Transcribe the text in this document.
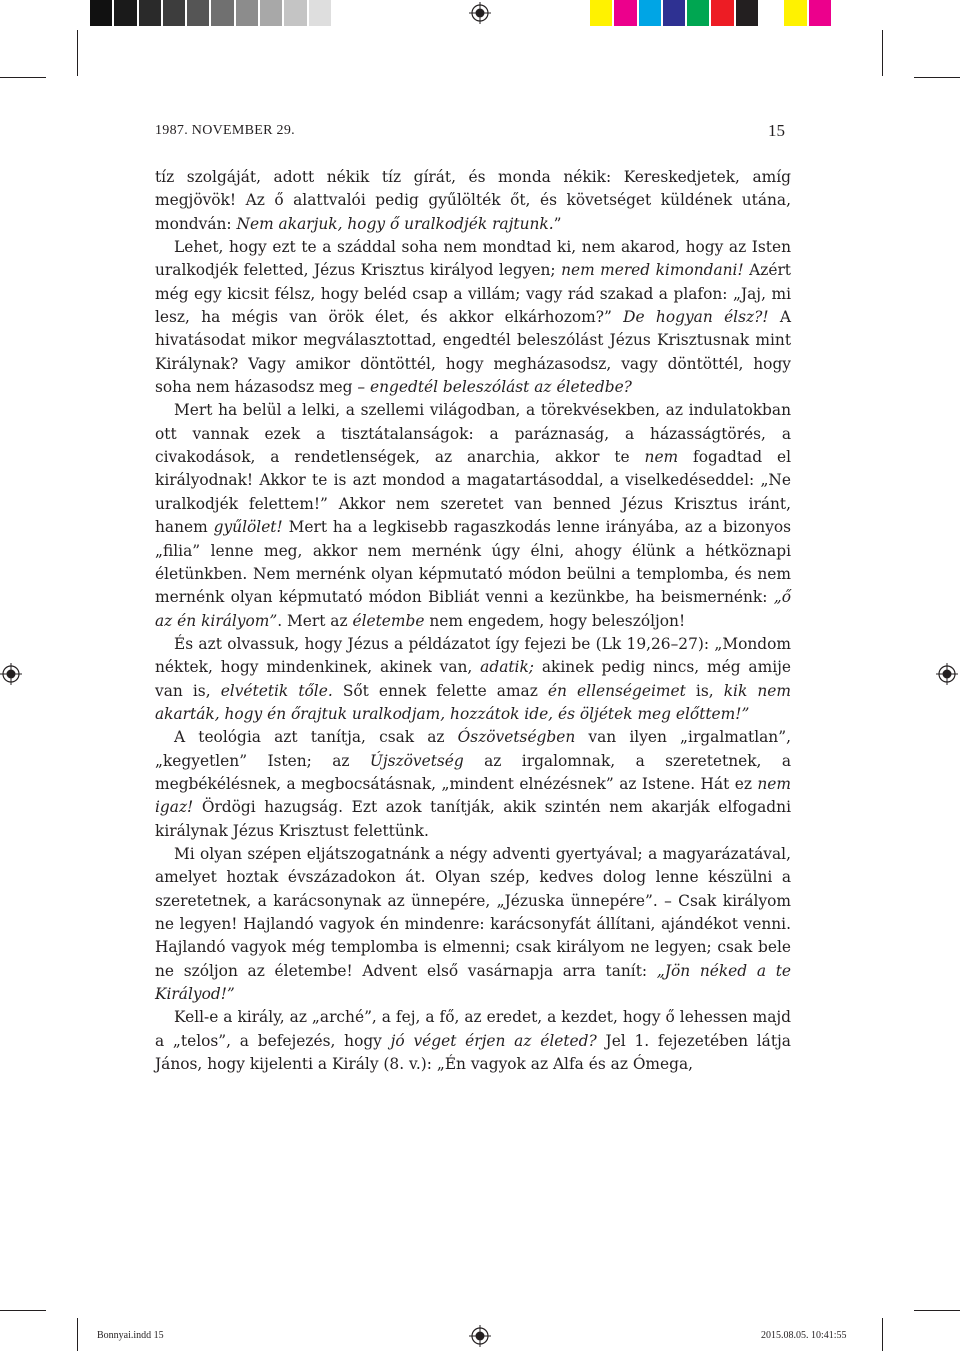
1987. NOVEMBER 29.	15

tíz szolgáját, adott nékik tíz gírát, és monda nékik: Kereskedjetek, amíg megjövök! Az ő alattvalói pedig gyűlölték őt, és követséget küldének utána, mondván: Nem akarjuk, hogy ő uralkodjék rajtunk.”

Lehet, hogy ezt te a száddal soha nem mondtad ki, nem akarod, hogy az Isten uralkodjék feletted, Jézus Krisztus királyod legyen; nem mered kimondani! Azért még egy kicsit félsz, hogy beléd csap a villám; vagy rád szakad a plafon: „Jaj, mi lesz, ha mégis van örök élet, és akkor elkárhozom?” De hogyan élsz?! A hivatásodat mikor megválasztottad, engedtél beleszólást Jézus Krisztusnak mint Királynak? Vagy amikor döntöttél, hogy megházasodsz, vagy döntöttél, hogy soha nem házasodsz meg – engedtél beleszólást az életedbe?

Mert ha belül a lelki, a szellemi világodban, a törekvésekben, az indulatokban ott vannak ezek a tisztátalanságok: a paráznaság, a házasságtörés, a civakodások, a rendetlenségek, az anarchia, akkor te nem fogadtad el királyodnak! Akkor te is azt mondod a magatartásoddal, a viselkedéseddel: „Ne uralkodjék felettem!” Akkor nem szeretet van benned Jézus Krisztus iránt, hanem gyűlölet! Mert ha a legkisebb ragaszkodás lenne irányába, az a bizonyos „filia” lenne meg, akkor nem mernénk úgy élni, ahogy élünk a hétköznapi életünkben. Nem mernénk olyan képmutató módon beülni a templomba, és nem mernénk olyan képmutató módon Bibliát venni a kezünkbe, ha beismernénk: „ő az én királyom”. Mert az életembe nem engedem, hogy beleszóljon!

És azt olvassuk, hogy Jézus a példázatot így fejezi be (Lk 19,26–27): „Mondom néktek, hogy mindenkinek, akinek van, adatik; akinek pedig nincs, még amije van is, elvétetik tőle. Sőt ennek felette amaz én ellenségeimet is, kik nem akarták, hogy én őrajtuk uralkodjam, hozzátok ide, és öljétek meg előttem!”

A teológia azt tanítja, csak az Ószövetségben van ilyen „irgalmatlan”, „kegyetlen” Isten; az Újszövetség az irgalomnak, a szeretetnek, a megbékélésnek, a megbocsátásnak, „mindent elnézésnek” az Istene. Hát ez nem igaz! Ördögi hazugság. Ezt azok tanítják, akik szintén nem akarják elfogadni királynak Jézus Krisztust felettünk.

Mi olyan szépen eljátszogatnánk a négy adventi gyertyával; a magyarázatával, amelyet hoztak évszázadokon át. Olyan szép, kedves dolog lenne készülni a szeretetnek, a karácsonynak az ünnepére, „Jézuska ünnepére”. – Csak királyom ne legyen! Hajlandó vagyok én mindenre: karácsonyfát állítani, ajándékot venni. Hajlandó vagyok még templomba is elmenni; csak királyom ne legyen; csak bele ne szóljon az életembe! Advent első vasárnapja arra tanít: „Jön néked a te Királyod!”

Kell-e a király, az „arché”, a fej, a fő, az eredet, a kezdet, hogy ő lehessen majd a „telos”, a befejezés, hogy jó véget érjen az életed? Jel 1. fejezetében látja János, hogy kijelenti a Király (8. v.): „Én vagyok az Alfa és az Ómega,

Bonnyai.indd 15	2015.08.05. 10:41:55
